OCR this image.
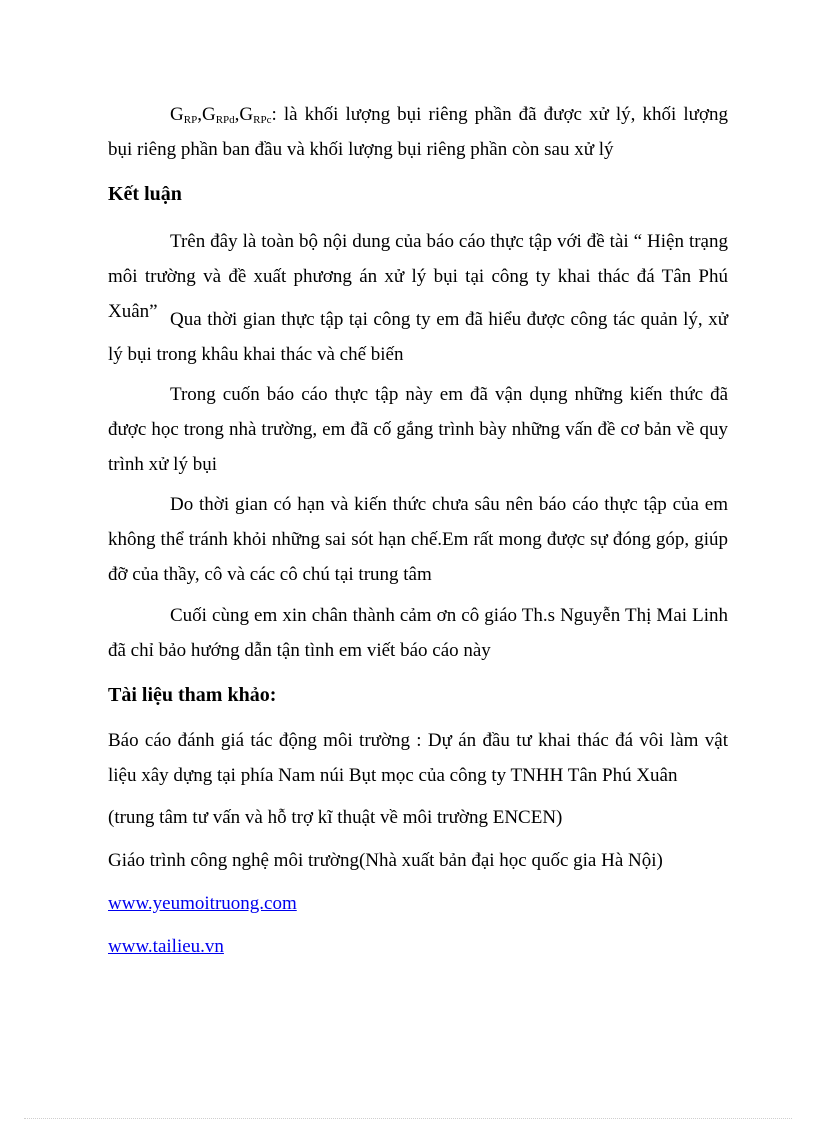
$G_{RP},G_{RPd},G_{RPc}$: là khối lượng bụi riêng phần đã được xử lý, khối lượng bụi riêng phần ban đầu và khối lượng bụi riêng phần còn sau xử lý

Kết luận

Trên đây là toàn bộ nội dung của báo cáo thực tập với đề tài “ Hiện trạng môi trường và đề xuất phương án xử lý bụi tại công ty khai thác đá Tân Phú Xuân” Qua thời gian thực tập tại công ty em đã hiểu được công tác quản lý, xử lý bụi trong khâu khai thác và chế biến

Trong cuốn báo cáo thực tập này em đã vận dụng những kiến thức đã được học trong nhà trường, em đã cố gắng trình bày những vấn đề cơ bản về quy trình xử lý bụi

Do thời gian có hạn và kiến thức chưa sâu nên báo cáo thực tập của em không thể tránh khỏi những sai sót hạn chế.Em rất mong được sự đóng góp, giúp đỡ của thầy, cô và các cô chú tại trung tâm

Cuối cùng em xin chân thành cảm ơn cô giáo Th.s Nguyễn Thị Mai Linh đã chỉ bảo hướng dẫn tận tình em viết báo cáo này

Tài liệu tham khảo:

Báo cáo đánh giá tác động môi trường : Dự án đầu tư khai thác đá vôi làm vật liệu xây dựng tại phía Nam núi Bụt mọc của công ty TNHH Tân Phú Xuân

(trung tâm tư vấn và hỗ trợ kĩ thuật về môi trường ENCEN)

Giáo trình công nghệ môi trường(Nhà xuất bản đại học quốc gia Hà Nội)

www.yeumoitruong.com

www.tailieu.vn
